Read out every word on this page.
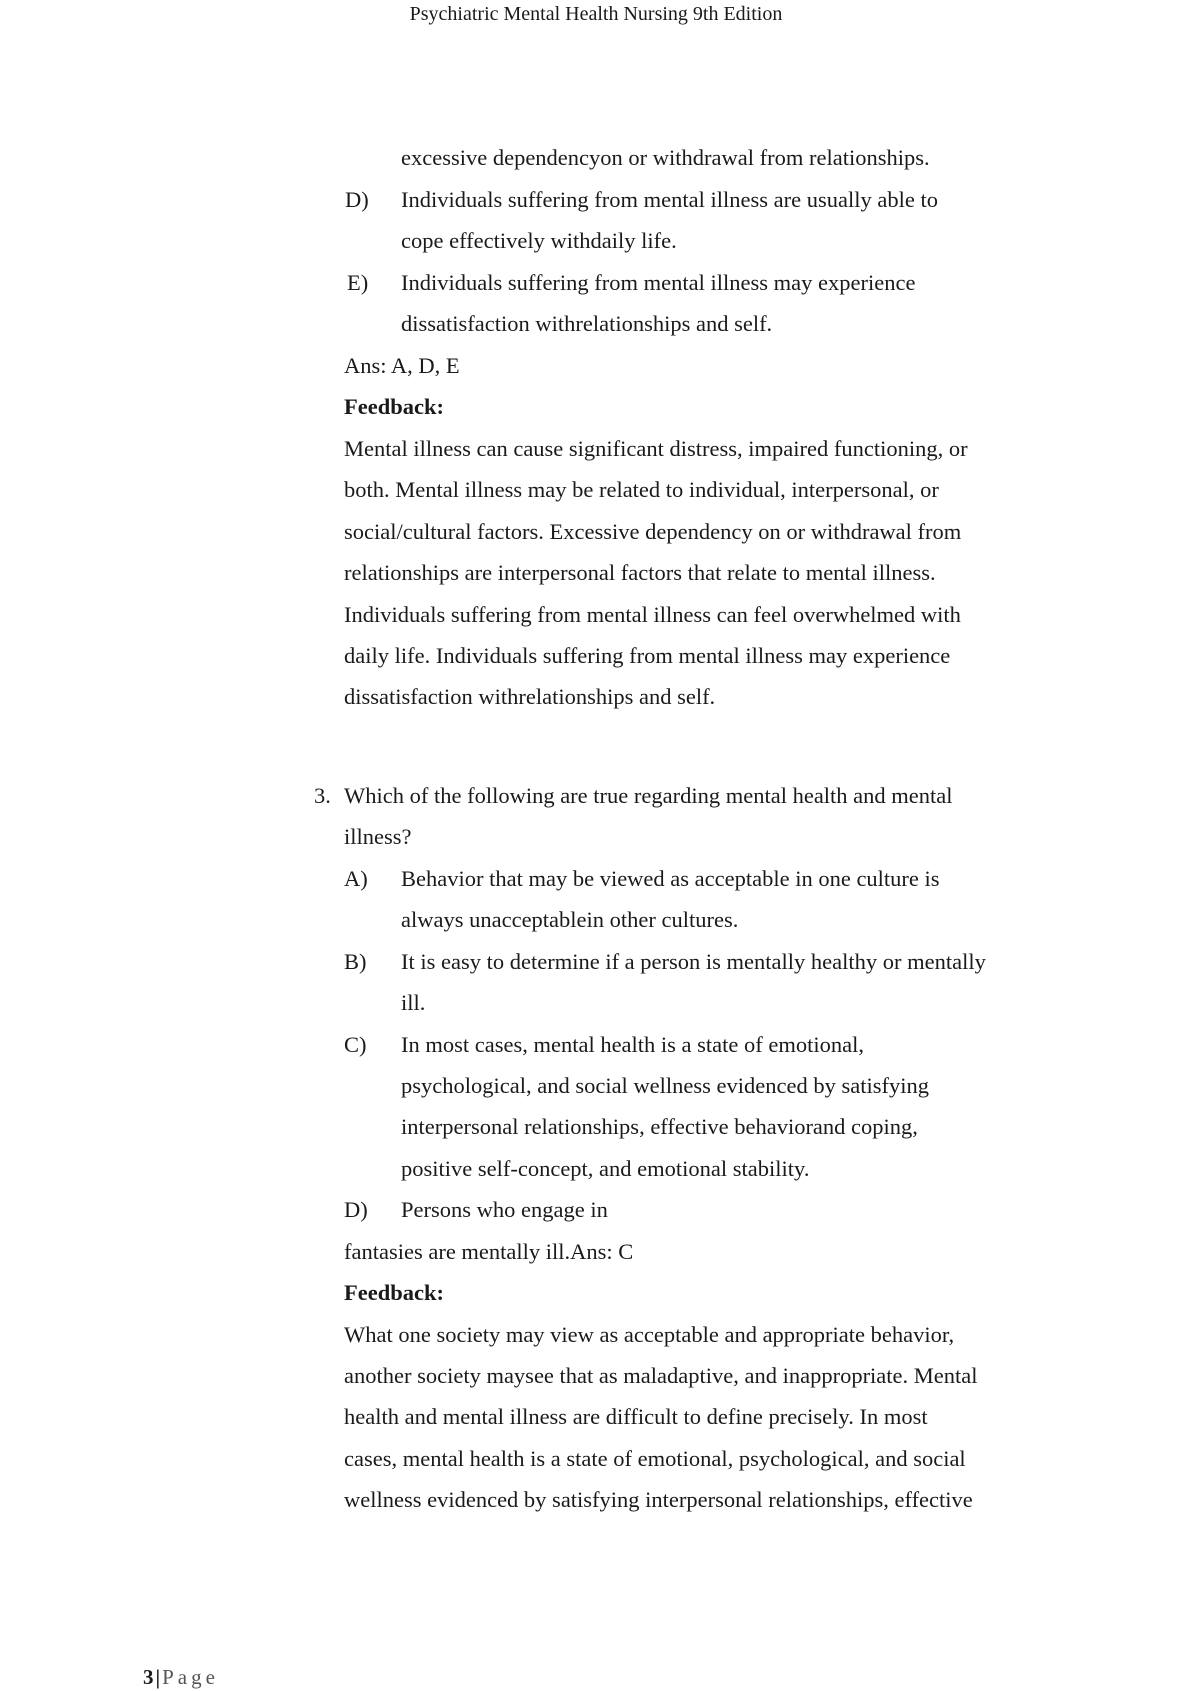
Psychiatric Mental Health Nursing 9th Edition
excessive dependencyon or withdrawal from relationships.
D) Individuals suffering from mental illness are usually able to
cope effectively withdaily life.
E) Individuals suffering from mental illness may experience
dissatisfaction withrelationships and self.
Ans: A, D, E
Feedback:
Mental illness can cause significant distress, impaired functioning, or
both. Mental illness may be related to individual, interpersonal, or
social/cultural factors. Excessive dependency on or withdrawal from
relationships are interpersonal factors that relate to mental illness.
Individuals suffering from mental illness can feel overwhelmed with
daily life. Individuals suffering from mental illness may experience
dissatisfaction withrelationships and self.
3. Which of the following are true regarding mental health and mental
illness?
A) Behavior that may be viewed as acceptable in one culture is
always unacceptablein other cultures.
B) It is easy to determine if a person is mentally healthy or mentally
ill.
C) In most cases, mental health is a state of emotional,
psychological, and social wellness evidenced by satisfying
interpersonal relationships, effective behaviorand coping,
positive self-concept, and emotional stability.
D) Persons who engage in
fantasies are mentally ill.Ans: C
Feedback:
What one society may view as acceptable and appropriate behavior,
another society maysee that as maladaptive, and inappropriate. Mental
health and mental illness are difficult to define precisely. In most
cases, mental health is a state of emotional, psychological, and social
wellness evidenced by satisfying interpersonal relationships, effective
3|Page
